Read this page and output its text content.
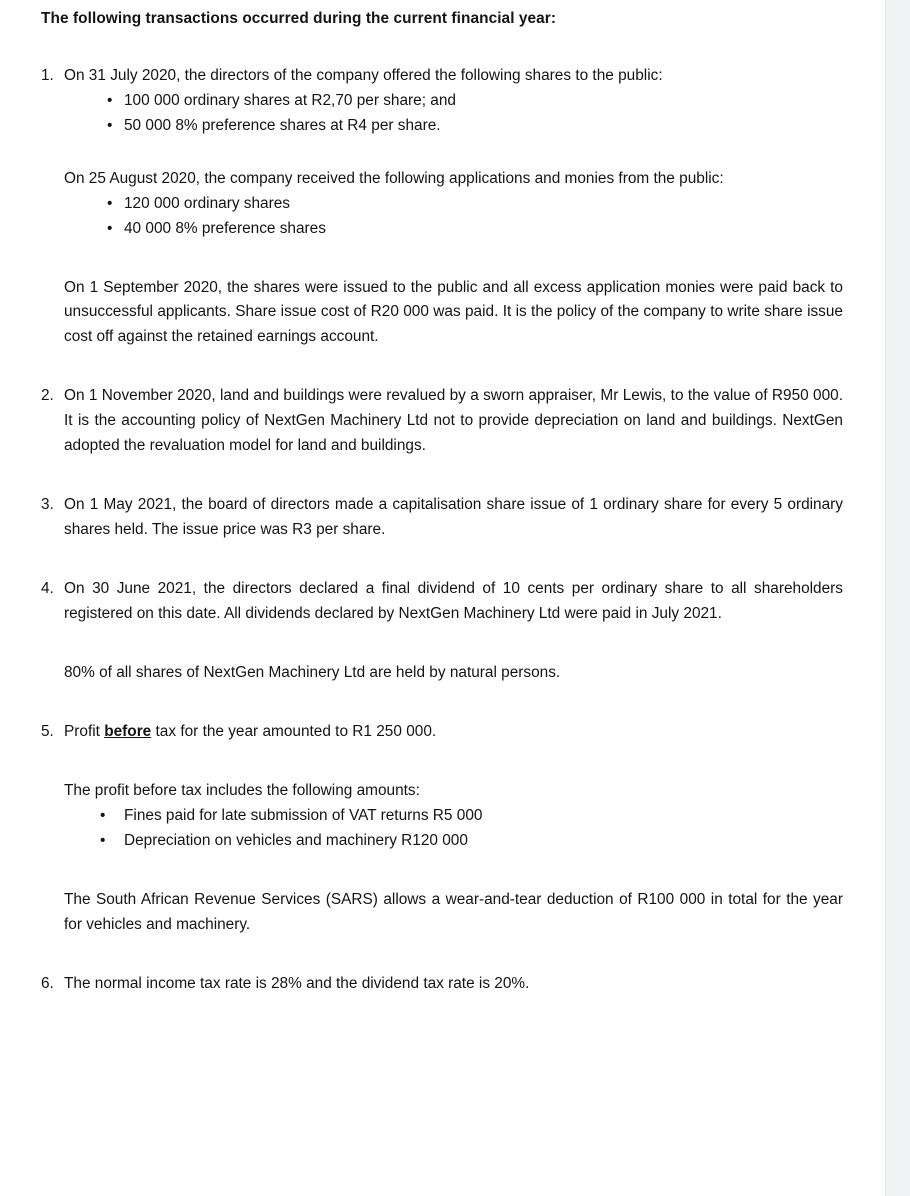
The following transactions occurred during the current financial year:
1. On 31 July 2020, the directors of the company offered the following shares to the public:

• 100 000 ordinary shares at R2,70 per share; and
• 50 000 8% preference shares at R4 per share.

On 25 August 2020, the company received the following applications and monies from the public:

• 120 000 ordinary shares
• 40 000 8% preference shares

On 1 September 2020, the shares were issued to the public and all excess application monies were paid back to unsuccessful applicants. Share issue cost of R20 000 was paid. It is the policy of the company to write share issue cost off against the retained earnings account.

2. On 1 November 2020, land and buildings were revalued by a sworn appraiser, Mr Lewis, to the value of R950 000. It is the accounting policy of NextGen Machinery Ltd not to provide depreciation on land and buildings. NextGen adopted the revaluation model for land and buildings.

3. On 1 May 2021, the board of directors made a capitalisation share issue of 1 ordinary share for every 5 ordinary shares held. The issue price was R3 per share.

4. On 30 June 2021, the directors declared a final dividend of 10 cents per ordinary share to all shareholders registered on this date. All dividends declared by NextGen Machinery Ltd were paid in July 2021.

80% of all shares of NextGen Machinery Ltd are held by natural persons.

5. Profit before tax for the year amounted to R1 250 000.

The profit before tax includes the following amounts:

• Fines paid for late submission of VAT returns R5 000
• Depreciation on vehicles and machinery R120 000

The South African Revenue Services (SARS) allows a wear-and-tear deduction of R100 000 in total for the year for vehicles and machinery.

6. The normal income tax rate is 28% and the dividend tax rate is 20%.
